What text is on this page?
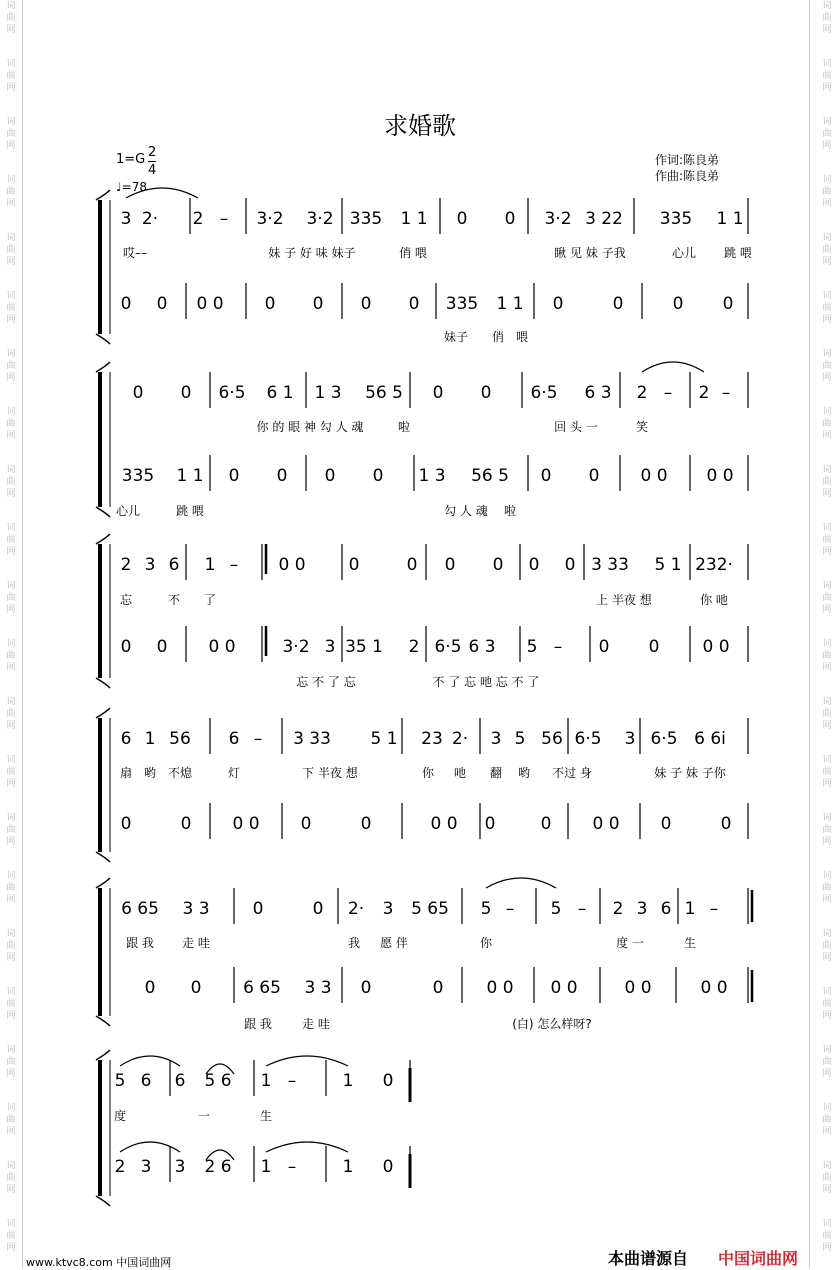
词
曲
网
词
曲
网
词
曲
网
词
曲
网
词
曲
网
词
曲
网
词
曲
网
词
曲
网
词
曲
网
词
曲
网
词
曲
网
词
曲
网
词
曲
网
词
曲
网
词
曲
网
词
曲
网
词
曲
网
词
曲
网
词
曲
网
词
曲
网
词
曲
网
词
曲
网
词
曲
网
词
曲
网
词
曲
网
词
曲
网
词
曲
网
词
曲
网
词
曲
网
词
曲
网
词
曲
网
词
曲
网
词
曲
网
词
曲
网
词
曲
网
词
曲
网
词
曲
网
词
曲
网
词
曲
网
词
曲
网
词
曲
网
词
曲
网
词
曲
网
词
曲
网
求婚歌
$1=G \frac{2}{4}$
♩=78
作词:陈良弟
作曲:陈良弟
3 2· 2 – 3·2 3·2 335 1 1 0 0 3·2 3 22 335 1 1
0 0 0 0 0 0 0 0 335 1 1 0	0	0 0
哎––	妹 子 好 味 妹子	俏 喂	瞅 见 妹 子我	心儿 跳 喂
妹子 俏 喂
0 0 6·5 6 1 1 3 56 5 0 0 6·5 6 3 2 – 2 –
335 1 1 0 0 0 0 1 3 56 5 0 0 0 0 0 0
你 的 眼 神 勾 人 魂	啦	回 头 一	笑
心儿	跳 喂	勾 人 魂 啦
2 3 6 1 – 0 0	0	0 0 0 0 0 3 33 5 1 232·
0 0 0 0	3·2 3 35 1 2 6·5 6 3 5 – 0 0	0 0
忘	不 了	上 半夜 想	你 吔
忘 不 了 忘	不 了 忘 吔 忘 不 了
6 1 56 6 – 3 33 5 1 23 2· 3 5 56 6·5 3 6·5 6 6i
0	0 0 0 0	0	0 0 0	0 0 0 0	0
扇 哟 不熄	灯	下 半夜 想	你 吔 翻 哟 不过 身	妹 子 妹 子你
6 65 3 3	0	0 2· 3 5 65 5 – 5 – 2 3 6 1 –
0 0 6 65 3 3 0	0	0 0 0 0	0 0	0 0
跟 我 走 哇	我 愿 伴	你	度 一	生
跟 我	走 哇	(白) 怎么样呀?
5 6 6 5 6 1 –	1 0
2 3 3 2 6 1 –	1 0
度	一	生
www.ktvc8.com 中国词曲网	本曲谱源自 中国词曲网
